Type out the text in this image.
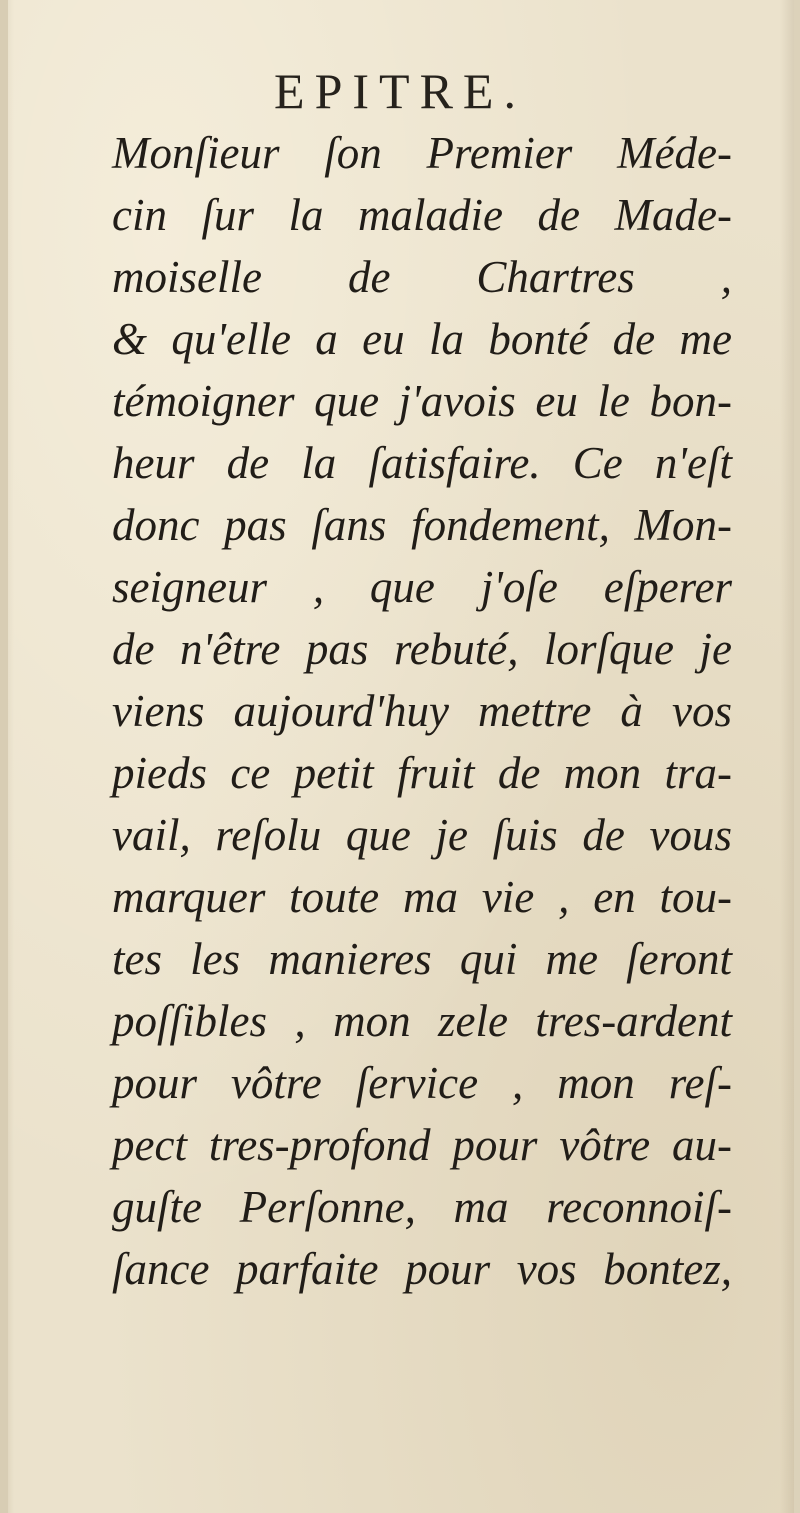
EPITRE.
Monſieur ſon Premier Méde-
cin ſur la maladie de Made-
moiselle de Chartres ,
& qu'elle a eu la bonté de me
témoigner que j'avois eu le bon-
heur de la ſatisfaire. Ce n'eſt
donc pas ſans fondement, Mon-
seigneur , que j'oſe eſperer
de n'être pas rebuté, lorſque je
viens aujourd'huy mettre à vos
pieds ce petit fruit de mon tra-
vail, reſolu que je ſuis de vous
marquer toute ma vie , en tou-
tes les manieres qui me ſeront
poſſibles , mon zele tres-ardent
pour vôtre ſervice , mon reſ-
pect tres-profond pour vôtre au-
guſte Perſonne, ma reconnoiſ-
ſance parfaite pour vos bontez,
